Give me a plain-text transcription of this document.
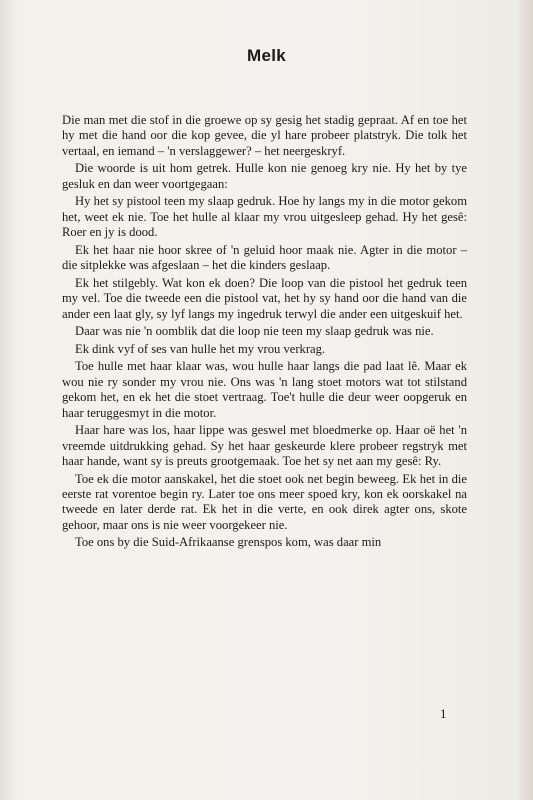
Melk

Die man met die stof in die groewe op sy gesig het stadig gepraat. Af en toe het hy met die hand oor die kop gevee, die yl hare probeer platstryk. Die tolk het vertaal, en iemand – 'n verslaggewer? – het neergeskryf.

Die woorde is uit hom getrek. Hulle kon nie genoeg kry nie. Hy het by tye gesluk en dan weer voortgegaan:

Hy het sy pistool teen my slaap gedruk. Hoe hy langs my in die motor gekom het, weet ek nie. Toe het hulle al klaar my vrou uitgesleep gehad. Hy het gesê: Roer en jy is dood.

Ek het haar nie hoor skree of 'n geluid hoor maak nie. Agter in die motor – die sitplekke was afgeslaan – het die kinders geslaap.

Ek het stilgebly. Wat kon ek doen? Die loop van die pistool het gedruk teen my vel. Toe die tweede een die pistool vat, het hy sy hand oor die hand van die ander een laat gly, sy lyf langs my ingedruk terwyl die ander een uitgeskuif het.

Daar was nie 'n oomblik dat die loop nie teen my slaap gedruk was nie.

Ek dink vyf of ses van hulle het my vrou verkrag.

Toe hulle met haar klaar was, wou hulle haar langs die pad laat lê. Maar ek wou nie ry sonder my vrou nie. Ons was 'n lang stoet motors wat tot stilstand gekom het, en ek het die stoet vertraag. Toe't hulle die deur weer oopgeruk en haar teruggesmyt in die motor.

Haar hare was los, haar lippe was geswel met bloedmerke op. Haar oë het 'n vreemde uitdrukking gehad. Sy het haar geskeurde klere probeer regstryk met haar hande, want sy is preuts grootgemaak. Toe het sy net aan my gesê: Ry.

Toe ek die motor aanskakel, het die stoet ook net begin beweeg. Ek het in die eerste rat vorentoe begin ry. Later toe ons meer spoed kry, kon ek oorskakel na tweede en later derde rat. Ek het in die verte, en ook direk agter ons, skote gehoor, maar ons is nie weer voorgekeer nie.

Toe ons by die Suid-Afrikaanse grenspos kom, was daar min

1
